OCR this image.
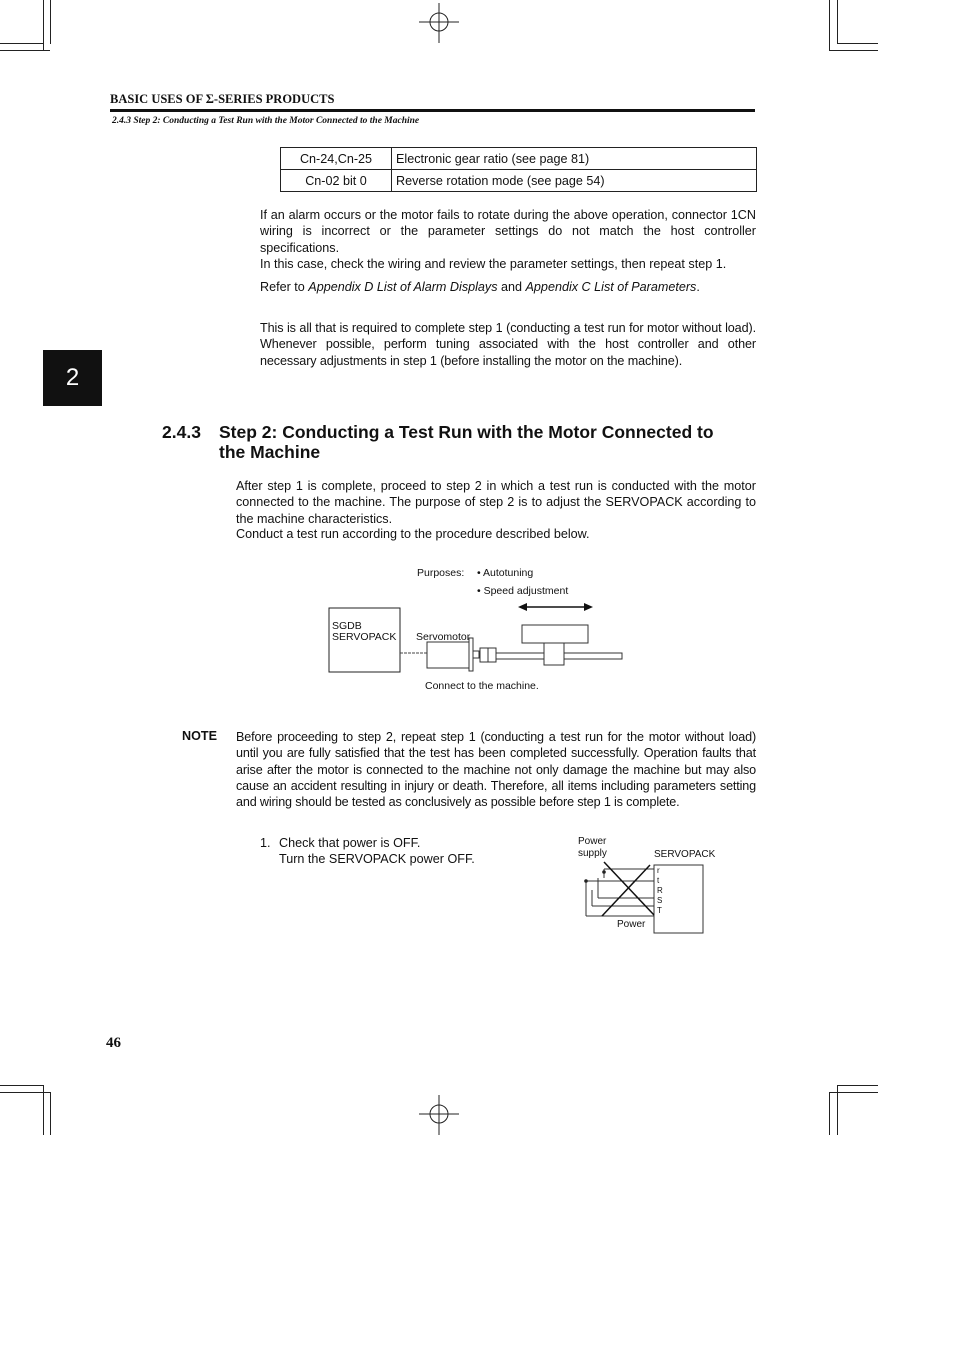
BASIC USES OF Σ-SERIES PRODUCTS
2.4.3 Step 2: Conducting a Test Run with the Motor Connected to the Machine
Cn-24,Cn-25	Electronic gear ratio (see page 81)
Cn-02 bit 0	Reverse rotation mode (see page 54)
If an alarm occurs or the motor fails to rotate during the above operation, connector 1CN wiring is incorrect or the parameter settings do not match the host controller specifications.
In this case, check the wiring and review the parameter settings, then repeat step 1.
Refer to Appendix D List of Alarm Displays and Appendix C List of Parameters.
This is all that is required to complete step 1 (conducting a test run for motor without load). Whenever possible, perform tuning associated with the host controller and other necessary adjustments in step 1 (before installing the motor on the machine).
2
2.4.3 Step 2: Conducting a Test Run with the Motor Connected to
the Machine
After step 1 is complete, proceed to step 2 in which a test run is conducted with the motor connected to the machine. The purpose of step 2 is to adjust the SERVOPACK according to the machine characteristics.
Conduct a test run according to the procedure described below.
Purposes: • Autotuning
• Speed adjustment
SGDB
SERVOPACK Servomotor
Connect to the machine.
NOTE Before proceeding to step 2, repeat step 1 (conducting a test run for the motor without load) until you are fully satisfied that the test has been completed successfully. Operation faults that arise after the motor is connected to the machine not only damage the machine but may also cause an accident resulting in injury or death. Therefore, all items including parameters setting and wiring should be tested as conclusively as possible before step 1 is complete.
1. Check that power is OFF.
Turn the SERVOPACK power OFF.
Power
supply	SERVOPACK
r
t
R
S
T
Power
46
